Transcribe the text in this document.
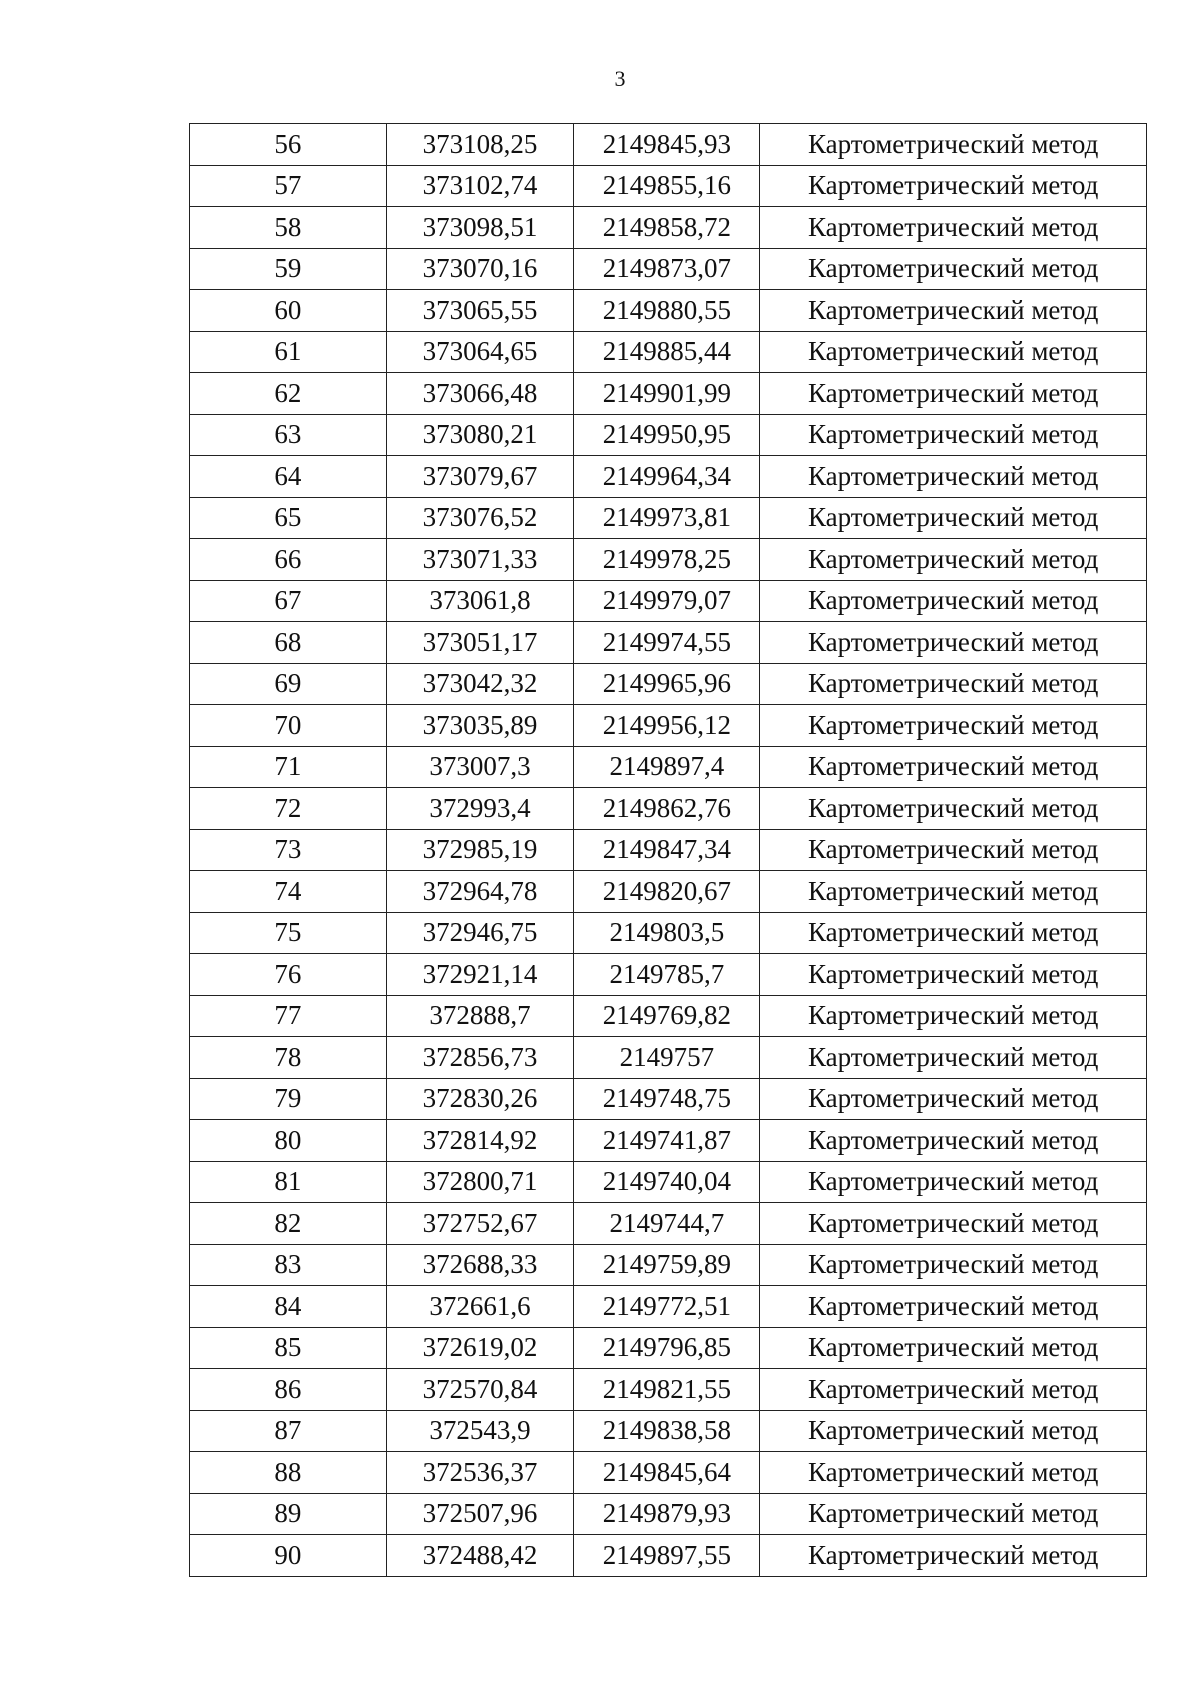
3
56	373108,25	2149845,93	Картометрический метод
57	373102,74	2149855,16	Картометрический метод
58	373098,51	2149858,72	Картометрический метод
59	373070,16	2149873,07	Картометрический метод
60	373065,55	2149880,55	Картометрический метод
61	373064,65	2149885,44	Картометрический метод
62	373066,48	2149901,99	Картометрический метод
63	373080,21	2149950,95	Картометрический метод
64	373079,67	2149964,34	Картометрический метод
65	373076,52	2149973,81	Картометрический метод
66	373071,33	2149978,25	Картометрический метод
67	373061,8	2149979,07	Картометрический метод
68	373051,17	2149974,55	Картометрический метод
69	373042,32	2149965,96	Картометрический метод
70	373035,89	2149956,12	Картометрический метод
71	373007,3	2149897,4	Картометрический метод
72	372993,4	2149862,76	Картометрический метод
73	372985,19	2149847,34	Картометрический метод
74	372964,78	2149820,67	Картометрический метод
75	372946,75	2149803,5	Картометрический метод
76	372921,14	2149785,7	Картометрический метод
77	372888,7	2149769,82	Картометрический метод
78	372856,73	2149757	Картометрический метод
79	372830,26	2149748,75	Картометрический метод
80	372814,92	2149741,87	Картометрический метод
81	372800,71	2149740,04	Картометрический метод
82	372752,67	2149744,7	Картометрический метод
83	372688,33	2149759,89	Картометрический метод
84	372661,6	2149772,51	Картометрический метод
85	372619,02	2149796,85	Картометрический метод
86	372570,84	2149821,55	Картометрический метод
87	372543,9	2149838,58	Картометрический метод
88	372536,37	2149845,64	Картометрический метод
89	372507,96	2149879,93	Картометрический метод
90	372488,42	2149897,55	Картометрический метод
